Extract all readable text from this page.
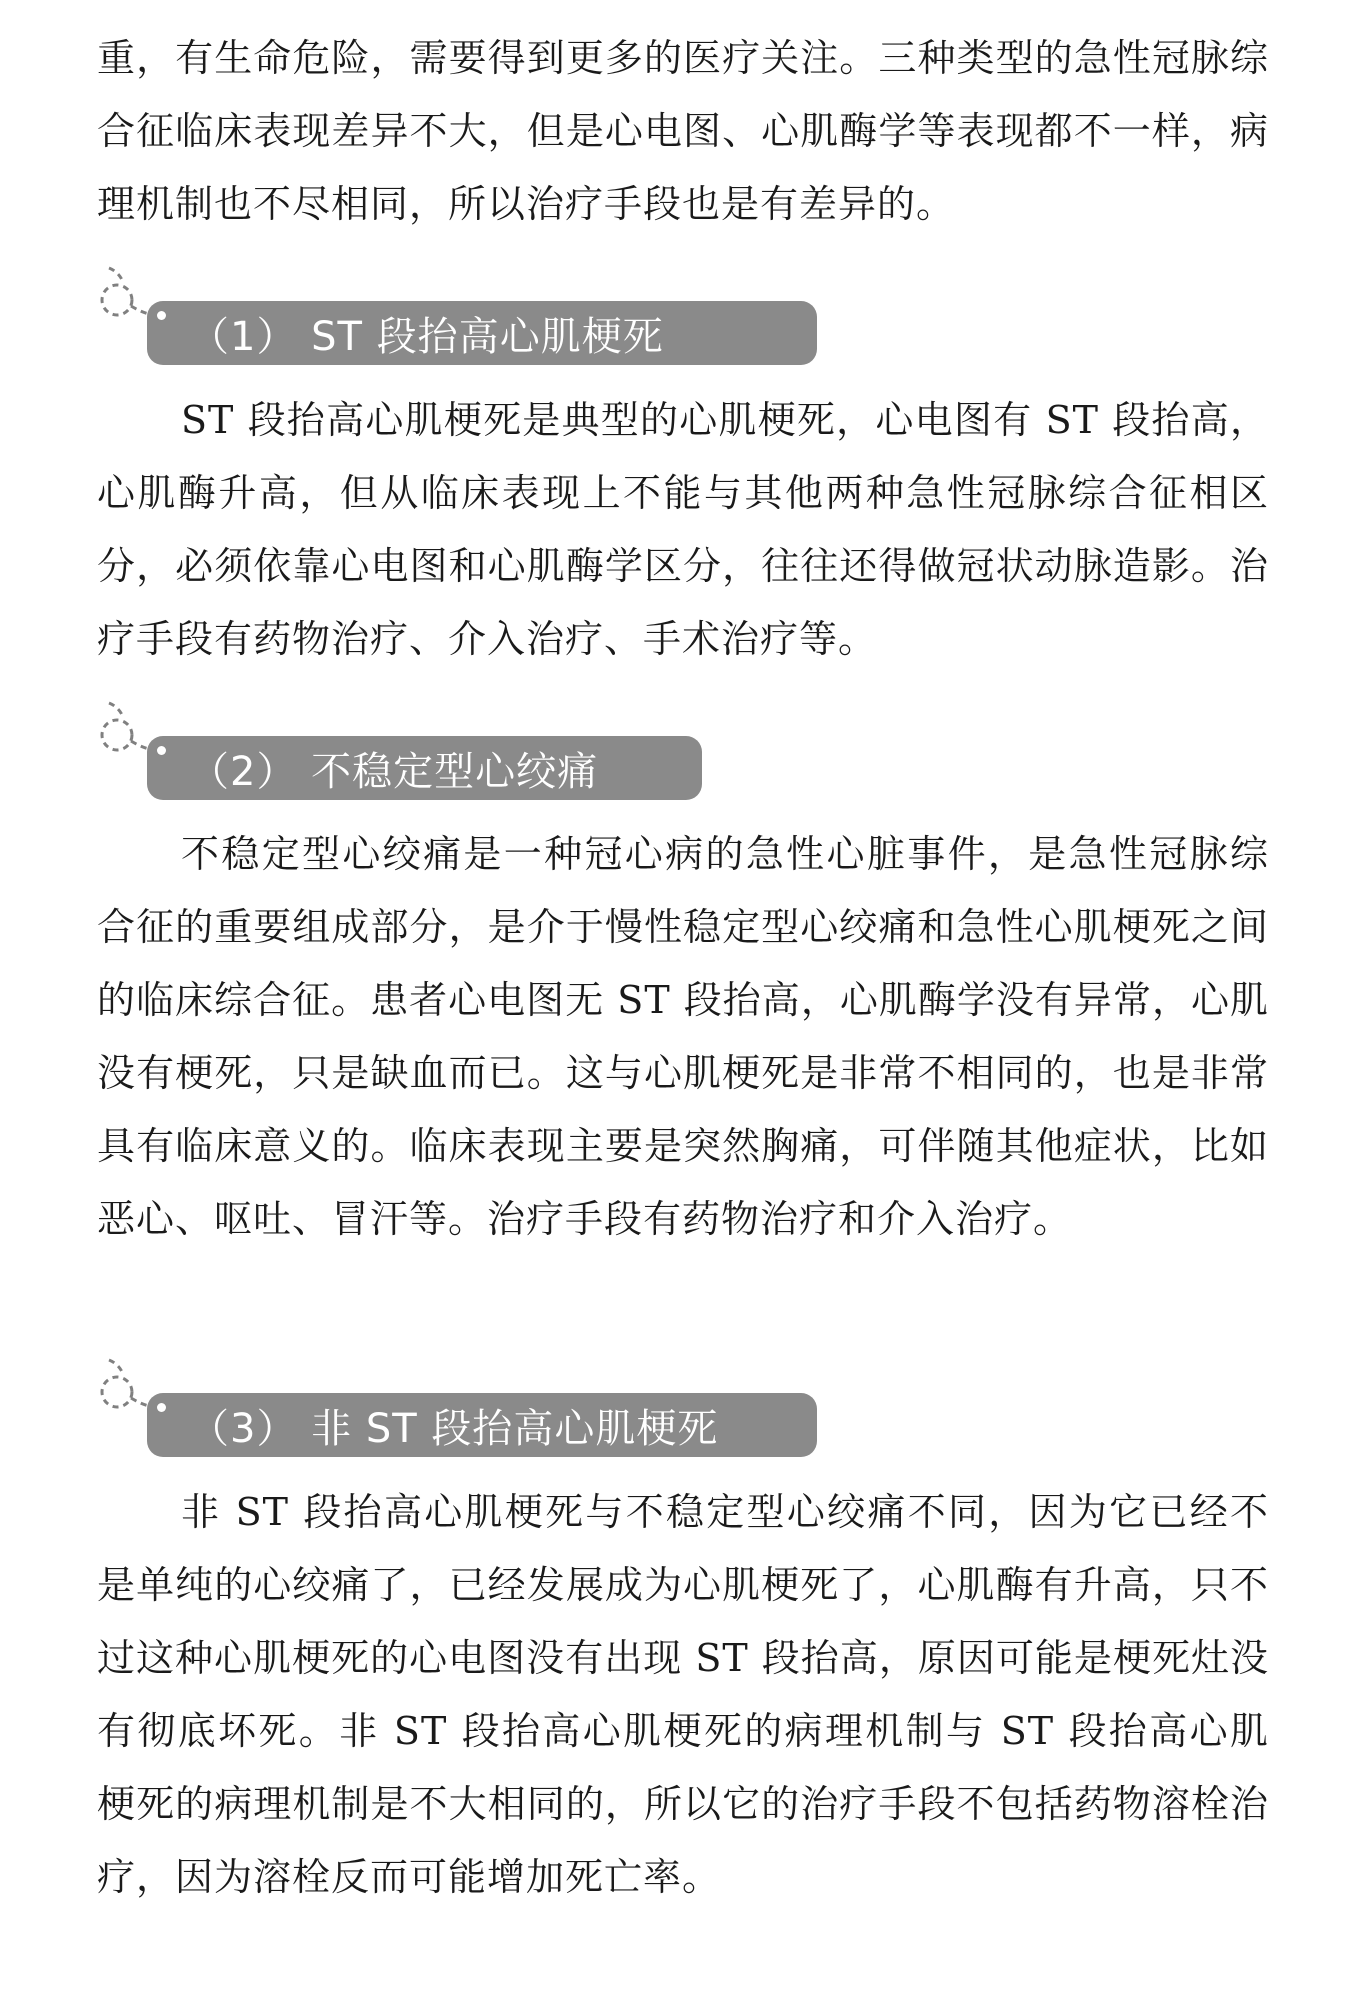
重，有生命危险，需要得到更多的医疗关注。三种类型的急性冠脉综合征临床表现差异不大，但是心电图、心肌酶学等表现都不一样，病理机制也不尽相同，所以治疗手段也是有差异的。

（1） ST 段抬高心肌梗死

ST 段抬高心肌梗死是典型的心肌梗死，心电图有 ST 段抬高，心肌酶升高，但从临床表现上不能与其他两种急性冠脉综合征相区分，必须依靠心电图和心肌酶学区分，往往还得做冠状动脉造影。治疗手段有药物治疗、介入治疗、手术治疗等。

（2） 不稳定型心绞痛

不稳定型心绞痛是一种冠心病的急性心脏事件，是急性冠脉综合征的重要组成部分，是介于慢性稳定型心绞痛和急性心肌梗死之间的临床综合征。患者心电图无 ST 段抬高，心肌酶学没有异常，心肌没有梗死，只是缺血而已。这与心肌梗死是非常不相同的，也是非常具有临床意义的。临床表现主要是突然胸痛，可伴随其他症状，比如恶心、呕吐、冒汗等。治疗手段有药物治疗和介入治疗。

（3） 非 ST 段抬高心肌梗死

非 ST 段抬高心肌梗死与不稳定型心绞痛不同，因为它已经不是单纯的心绞痛了，已经发展成为心肌梗死了，心肌酶有升高，只不过这种心肌梗死的心电图没有出现 ST 段抬高，原因可能是梗死灶没有彻底坏死。非 ST 段抬高心肌梗死的病理机制与 ST 段抬高心肌梗死的病理机制是不大相同的，所以它的治疗手段不包括药物溶栓治疗，因为溶栓反而可能增加死亡率。
